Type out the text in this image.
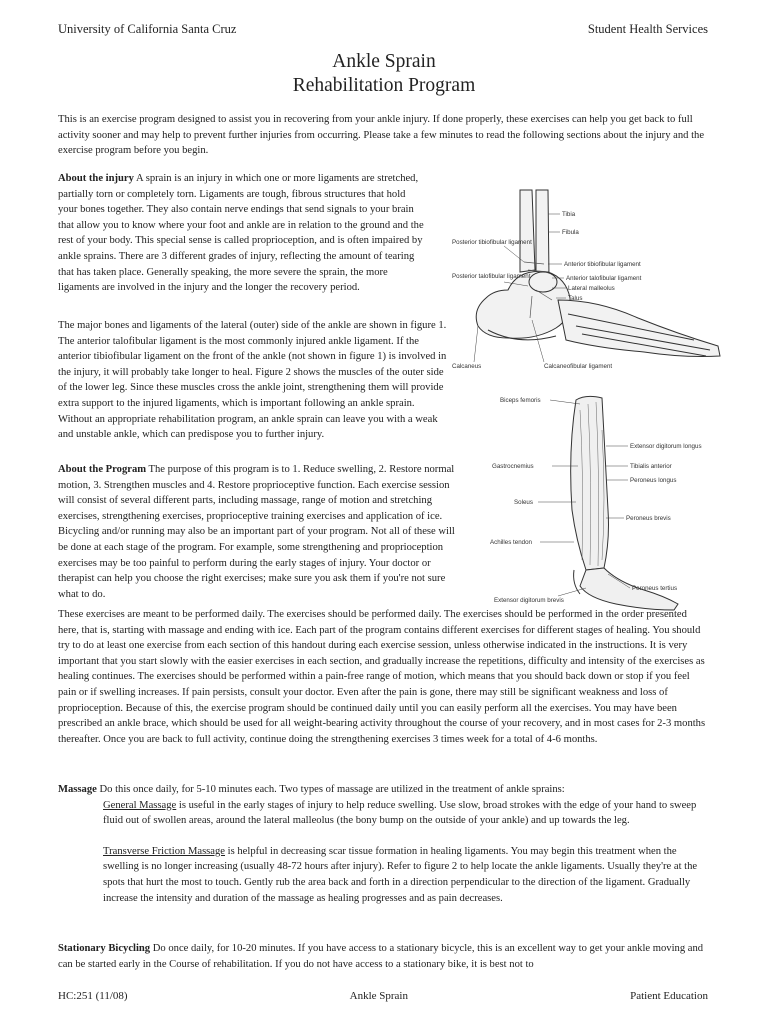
University of California Santa Cruz	Student Health Services
Ankle Sprain
Rehabilitation Program

This is an exercise program designed to assist you in recovering from your ankle injury. If done properly, these exercises can help you get back to full activity sooner and may help to prevent further injuries from occurring. Please take a few minutes to read the following sections about the injury and the exercise program before you begin.

About the injury A sprain is an injury in which one or more ligaments are stretched, partially torn or completely torn. Ligaments are tough, fibrous structures that hold your bones together. They also contain nerve endings that send signals to your brain that allow you to know where your foot and ankle are in relation to the ground and the rest of your body. This special sense is called proprioception, and is often impaired by ankle sprains. There are 3 different grades of injury, reflecting the amount of tearing that has taken place. Generally speaking, the more severe the sprain, the more ligaments are involved in the injury and the longer the recovery period.

The major bones and ligaments of the lateral (outer) side of the ankle are shown in figure 1. The anterior talofibular ligament is the most commonly injured ankle ligament. If the anterior tibiofibular ligament on the front of the ankle (not shown in figure 1) is involved in the injury, it will probably take longer to heal. Figure 2 shows the muscles of the outer side of the lower leg. Since these muscles cross the ankle joint, strengthening them will provide extra support to the injured ligaments, which is important following an ankle sprain. Without an appropriate rehabilitation program, an ankle sprain can leave you with a weak and unstable ankle, which can predispose you to further injury.

About the Program The purpose of this program is to 1. Reduce swelling, 2. Restore normal motion, 3. Strengthen muscles and 4. Restore proprioceptive function. Each exercise session will consist of several different parts, including massage, range of motion and stretching exercises, strengthening exercises, proprioceptive training exercises and application of ice. Bicycling and/or running may also be an important part of your program. Not all of these will be done at each stage of the program. For example, some strengthening and proprioception exercises may be too painful to perform during the early stages of injury. Your doctor or therapist can help you choose the right exercises; make sure you ask them if you're not sure what to do.

These exercises are meant to be performed daily. The exercises should be performed daily. The exercises should be performed in the order presented here, that is, starting with massage and ending with ice. Each part of the program contains different exercises for different stages of healing. You should try to do at least one exercise from each section of this handout during each exercise session, unless otherwise indicated in the instructions. It is very important that you start slowly with the easier exercises in each section, and gradually increase the repetitions, difficulty and intensity of the exercises as healing continues. The exercises should be performed within a pain-free range of motion, which means that you should back down or stop if you feel pain or if swelling increases. If pain persists, consult your doctor. Even after the pain is gone, there may still be significant weakness and loss of proprioception. Because of this, the exercise program should be continued daily until you can easily perform all the exercises. You may have been prescribed an ankle brace, which should be used for all weight-bearing activity throughout the course of your recovery, and in most cases for 2-3 months thereafter. Once you are back to full activity, continue doing the strengthening exercises 3 times week for a total of 4-6 months.

Massage Do this once daily, for 5-10 minutes each. Two types of massage are utilized in the treatment of ankle sprains:
General Massage is useful in the early stages of injury to help reduce swelling. Use slow, broad strokes with the edge of your hand to sweep fluid out of swollen areas, around the lateral malleolus (the bony bump on the outside of your ankle) and up towards the leg.
Transverse Friction Massage is helpful in decreasing scar tissue formation in healing ligaments. You may begin this treatment when the swelling is no longer increasing (usually 48-72 hours after injury). Refer to figure 2 to help locate the ankle ligaments. Usually they're at the spots that hurt the most to touch. Gently rub the area back and forth in a direction perpendicular to the direction of the ligament. Gradually increase the intensity and duration of the massage as healing progresses and as pain decreases.

Stationary Bicycling Do once daily, for 10-20 minutes. If you have access to a stationary bicycle, this is an excellent way to get your ankle moving and can be started early in the Course of rehabilitation. If you do not have access to a stationary bike, it is best not to

Tibia
Fibula
Posterior tibiofibular ligament
Anterior tibiofibular ligament
Posterior talofibular ligament	Anterior talofibular ligament
Lateral malleolus
Talus
Calcaneofibular ligament
Calcaneus
Biceps femoris
Extensor digitorum longus
Gastrocnemius	Tibialis anterior
Peroneus longus
Soleus
Peroneus brevis
Achilles tendon
Peroneus tertius
Extensor digitorum brevis
HC:251 (11/08)	Ankle Sprain	Patient Education
